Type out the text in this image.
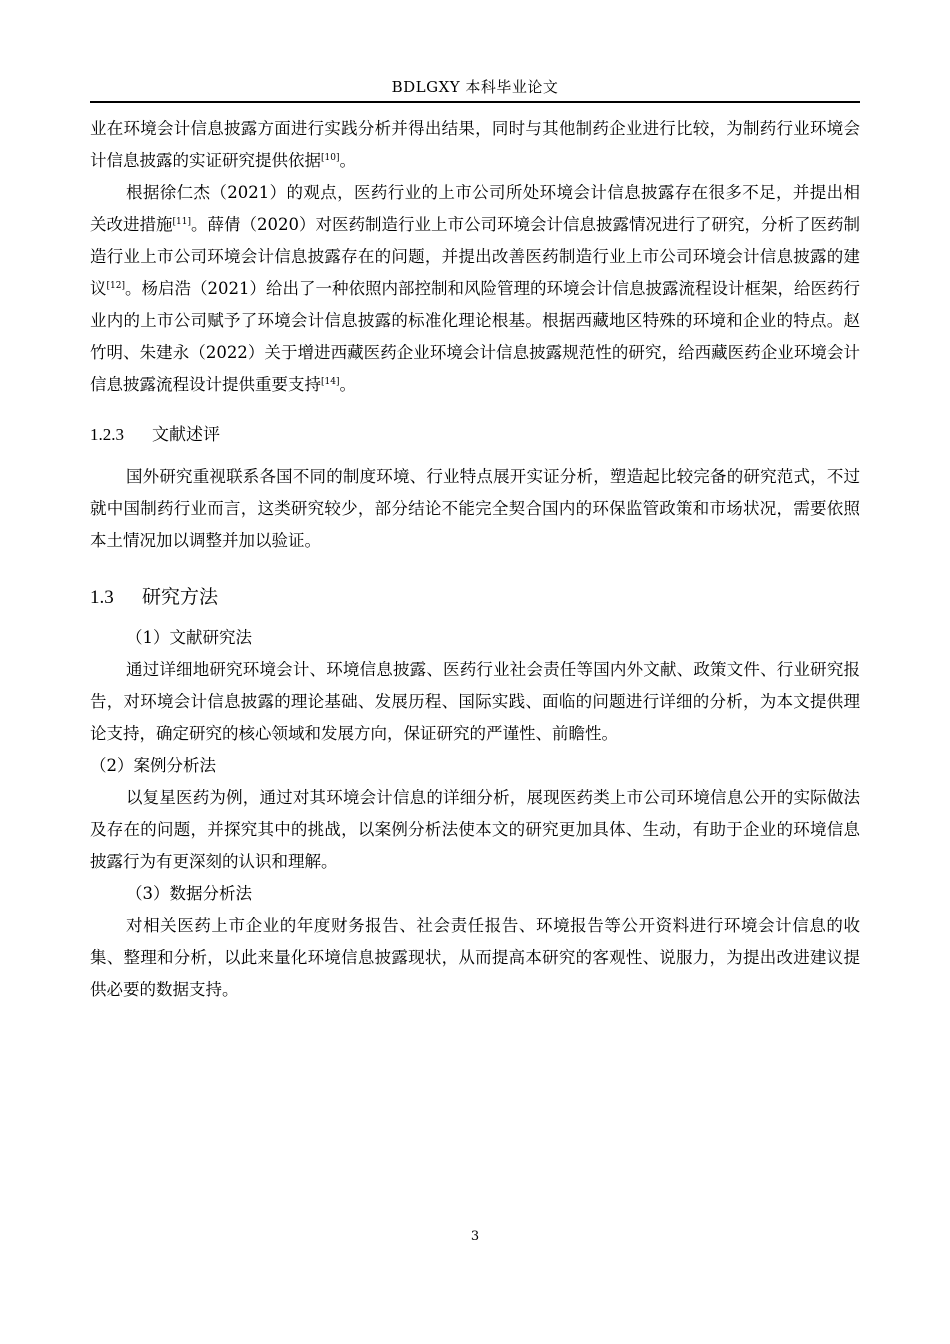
BDLGXY 本科毕业论文

业在环境会计信息披露方面进行实践分析并得出结果，同时与其他制药企业进行比较，为制药行业环境会计信息披露的实证研究提供依据[10]。

根据徐仁杰（2021）的观点，医药行业的上市公司所处环境会计信息披露存在很多不足，并提出相关改进措施[11]。薛倩（2020）对医药制造行业上市公司环境会计信息披露情况进行了研究，分析了医药制造行业上市公司环境会计信息披露存在的问题，并提出改善医药制造行业上市公司环境会计信息披露的建议[12]。杨启浩（2021）给出了一种依照内部控制和风险管理的环境会计信息披露流程设计框架，给医药行业内的上市公司赋予了环境会计信息披露的标准化理论根基。根据西藏地区特殊的环境和企业的特点。赵竹明、朱建永（2022）关于增进西藏医药企业环境会计信息披露规范性的研究，给西藏医药企业环境会计信息披露流程设计提供重要支持[14]。

1.2.3 文献述评

国外研究重视联系各国不同的制度环境、行业特点展开实证分析，塑造起比较完备的研究范式，不过就中国制药行业而言，这类研究较少，部分结论不能完全契合国内的环保监管政策和市场状况，需要依照本土情况加以调整并加以验证。

1.3 研究方法

（1）文献研究法

通过详细地研究环境会计、环境信息披露、医药行业社会责任等国内外文献、政策文件、行业研究报告，对环境会计信息披露的理论基础、发展历程、国际实践、面临的问题进行详细的分析，为本文提供理论支持，确定研究的核心领域和发展方向，保证研究的严谨性、前瞻性。

（2）案例分析法

以复星医药为例，通过对其环境会计信息的详细分析，展现医药类上市公司环境信息公开的实际做法及存在的问题，并探究其中的挑战，以案例分析法使本文的研究更加具体、生动，有助于企业的环境信息披露行为有更深刻的认识和理解。

（3）数据分析法

对相关医药上市企业的年度财务报告、社会责任报告、环境报告等公开资料进行环境会计信息的收集、整理和分析，以此来量化环境信息披露现状，从而提高本研究的客观性、说服力，为提出改进建议提供必要的数据支持。

3
